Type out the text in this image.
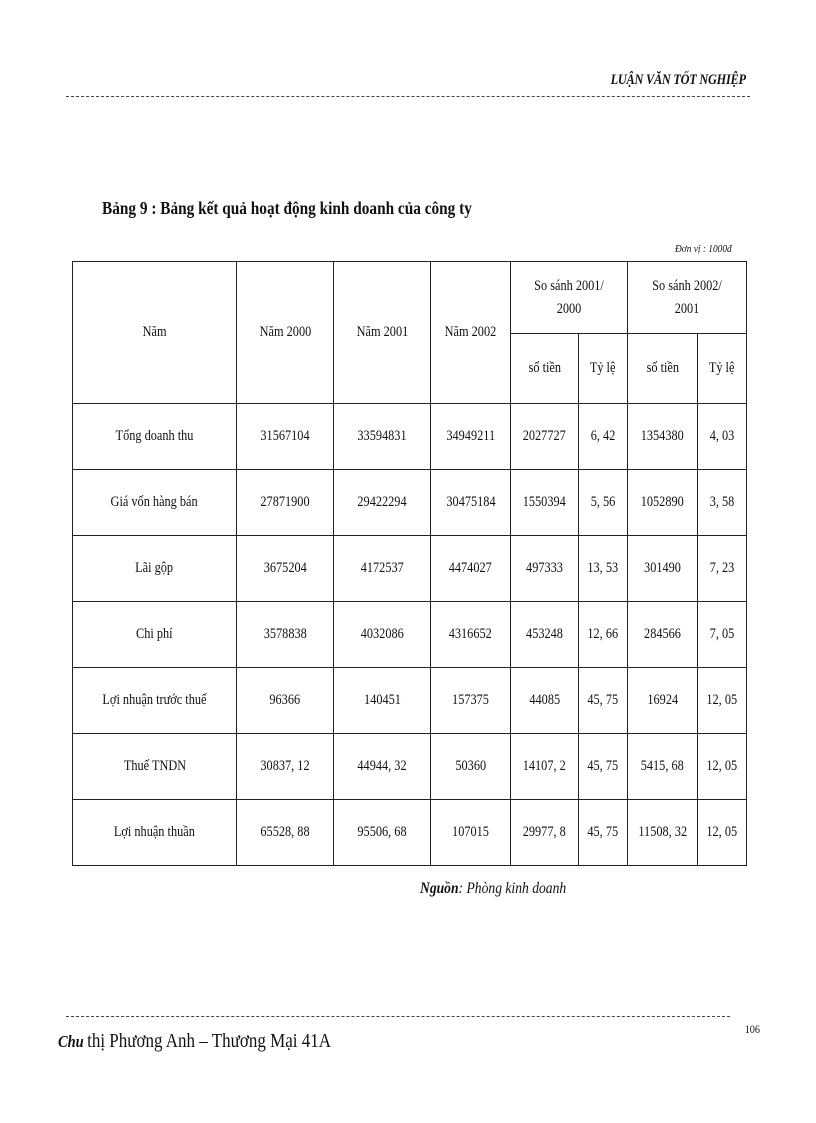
LUẬN VĂN TỐT NGHIỆP
Bảng 9 : Bảng kết quả hoạt động kinh doanh của công ty
Đơn vị : 1000đ
Năm	Năm 2000	Năm 2001	Năm 2002	So sánh 2001/ 2000		So sánh 2002/ 2001	
				số tiền	Tỷ lệ	số tiền	Tỷ lệ
Tổng doanh thu	31567104	33594831	34949211	2027727	6, 42	1354380	4, 03
Giá vốn hàng bán	27871900	29422294	30475184	1550394	5, 56	1052890	3, 58
Lãi gộp	3675204	4172537	4474027	497333	13, 53	301490	7, 23
Chi phí	3578838	4032086	4316652	453248	12, 66	284566	7, 05
Lợi nhuận trước thuế	96366	140451	157375	44085	45, 75	16924	12, 05
Thuế TNDN	30837, 12	44944, 32	50360	14107, 2	45, 75	5415, 68	12, 05
Lợi nhuận thuần	65528, 88	95506, 68	107015	29977, 8	45, 75	11508, 32	12, 05
Nguồn: Phòng kinh doanh
Chu thị Phương Anh – Thương Mại 41A
106
